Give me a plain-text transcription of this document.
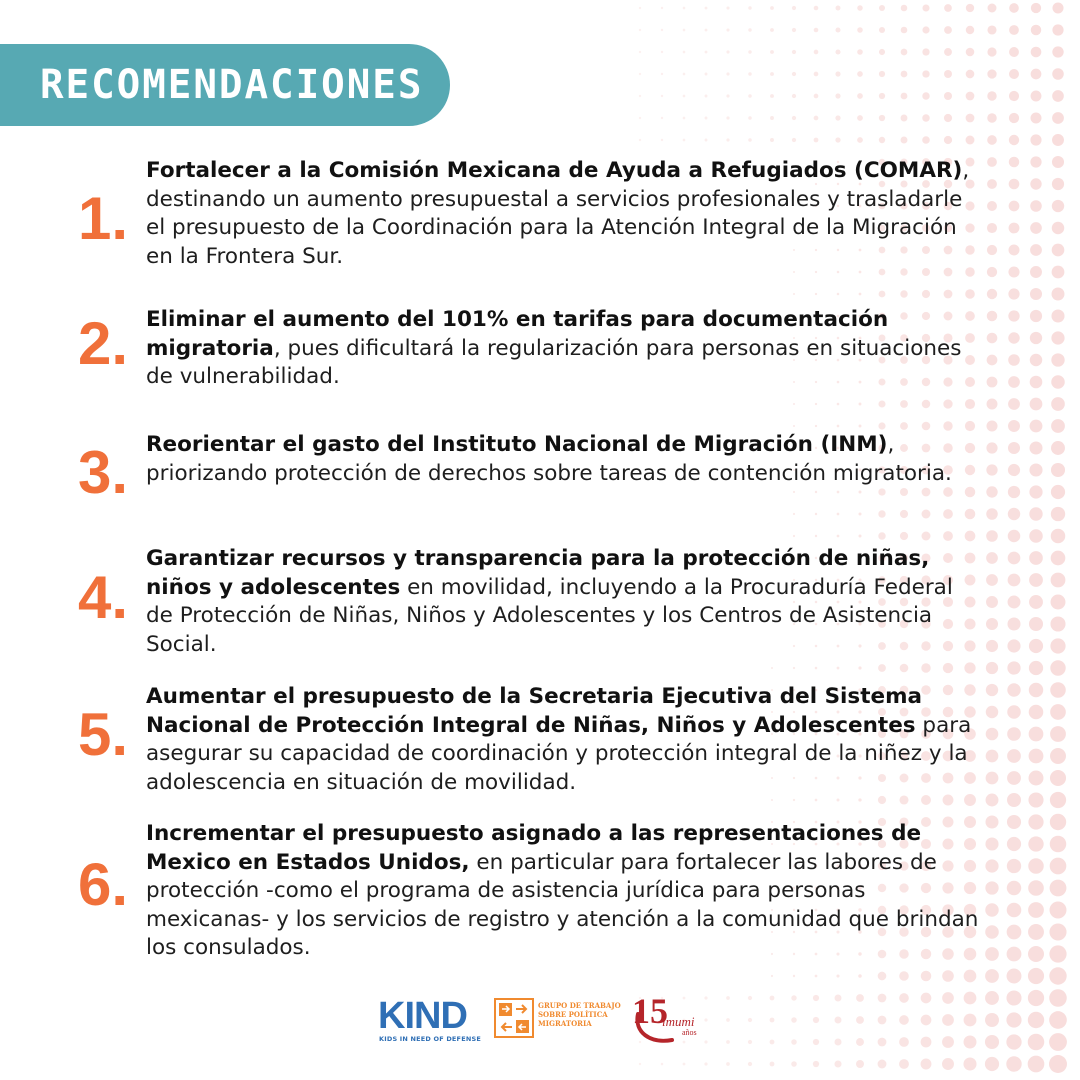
RECOMENDACIONES
1.
Fortalecer a la Comisión Mexicana de Ayuda a Refugiados (COMAR), destinando un aumento presupuestal a servicios profesionales y trasladarle el presupuesto de la Coordinación para la Atención Integral de la Migración en la Frontera Sur.
2. Eliminar el aumento del 101% en tarifas para documentación migratoria, pues dificultará la regularización para personas en situaciones de vulnerabilidad.
3. Reorientar el gasto del Instituto Nacional de Migración (INM), priorizando protección de derechos sobre tareas de contención migratoria.
4.
Garantizar recursos y transparencia para la protección de niñas, niños y adolescentes en movilidad, incluyendo a la Procuraduría Federal de Protección de Niñas, Niños y Adolescentes y los Centros de Asistencia Social.
5.
Aumentar el presupuesto de la Secretaria Ejecutiva del Sistema Nacional de Protección Integral de Niñas, Niños y Adolescentes para asegurar su capacidad de coordinación y protección integral de la niñez y la adolescencia en situación de movilidad.
6.
Incrementar el presupuesto asignado a las representaciones de Mexico en Estados Unidos, en particular para fortalecer las labores de protección -como el programa de asistencia jurídica para personas mexicanas- y los servicios de registro y atención a la comunidad que brindan los consulados.
KIND
KIDS IN NEED OF DEFENSE
GRUPO DE TRABAJO SOBRE POLÍTICA MIGRATORIA	15
imumi
años
